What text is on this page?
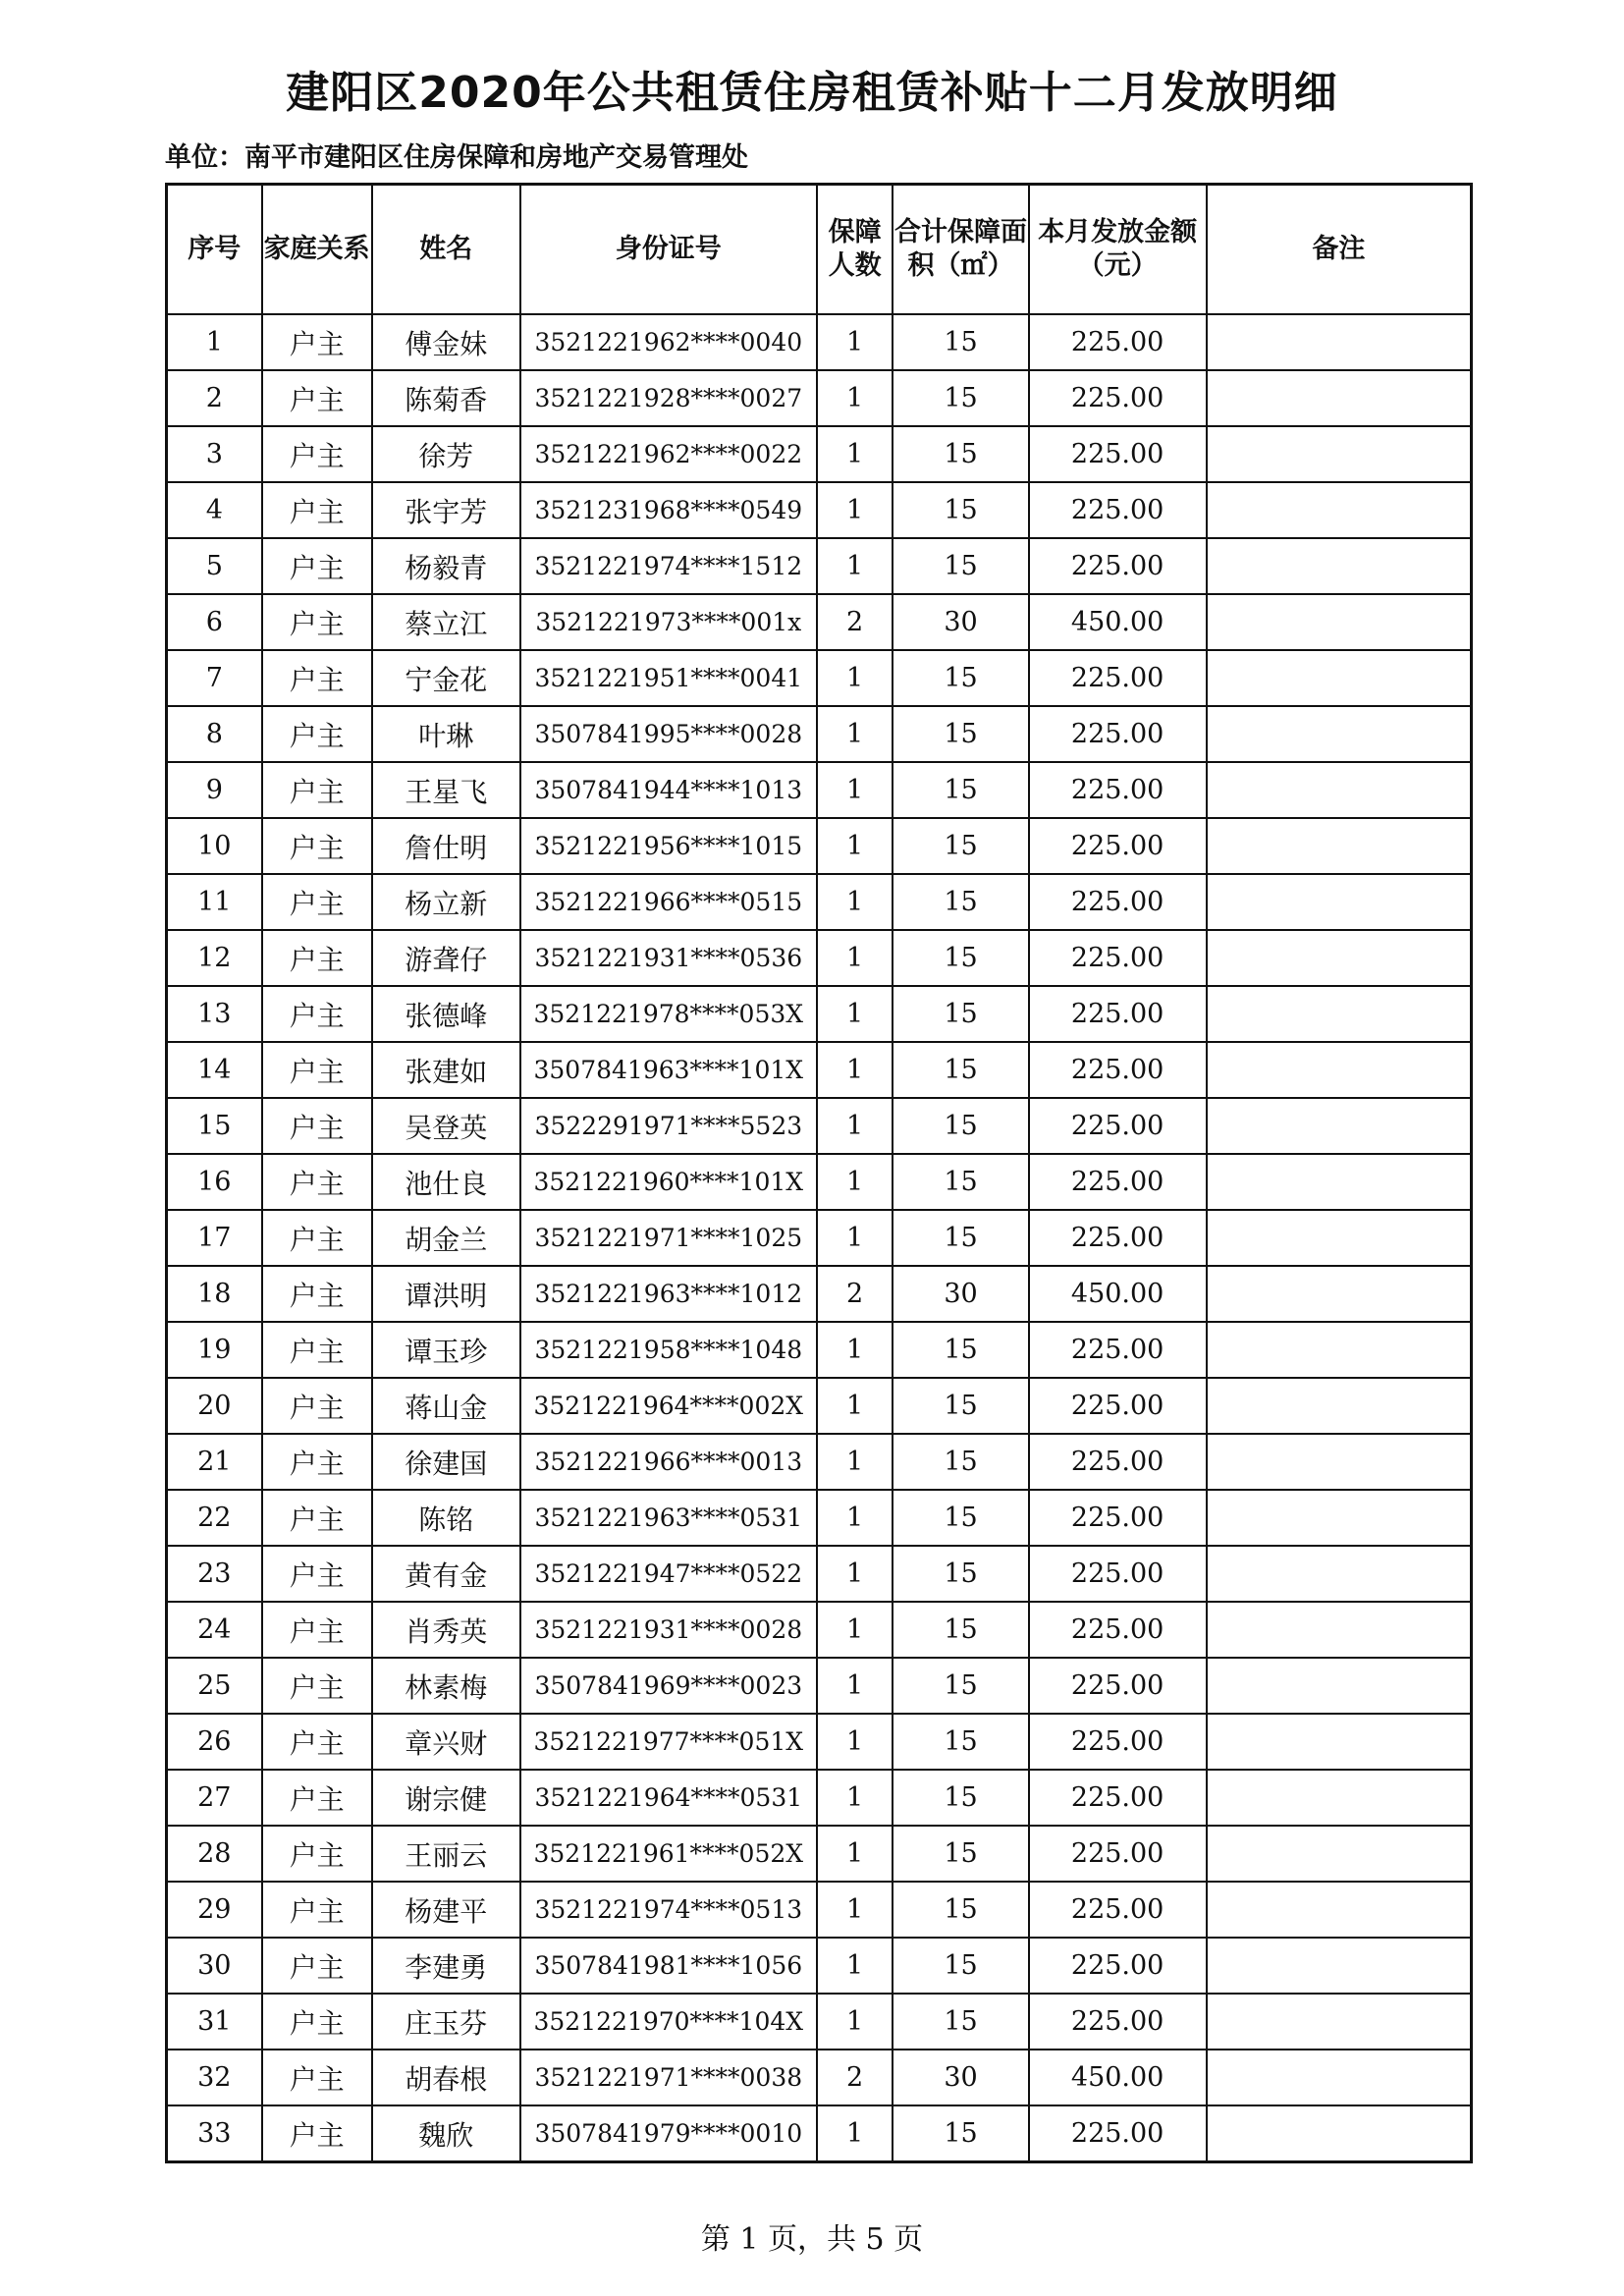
建阳区2020年公共租赁住房租赁补贴十二月发放明细
单位：南平市建阳区住房保障和房地产交易管理处
序号	家庭关系	姓名	身份证号	保障人数	合计保障面积（㎡）	本月发放金额（元）	备注
1	户主	傅金妹	3521221962****0040	1	15	225.00	
2	户主	陈菊香	3521221928****0027	1	15	225.00	
3	户主	徐芳	3521221962****0022	1	15	225.00	
4	户主	张宇芳	3521231968****0549	1	15	225.00	
5	户主	杨毅青	3521221974****1512	1	15	225.00	
6	户主	蔡立江	3521221973****001x	2	30	450.00	
7	户主	宁金花	3521221951****0041	1	15	225.00	
8	户主	叶琳	3507841995****0028	1	15	225.00	
9	户主	王星飞	3507841944****1013	1	15	225.00	
10	户主	詹仕明	3521221956****1015	1	15	225.00	
11	户主	杨立新	3521221966****0515	1	15	225.00	
12	户主	游聋仔	3521221931****0536	1	15	225.00	
13	户主	张德峰	3521221978****053X	1	15	225.00	
14	户主	张建如	3507841963****101X	1	15	225.00	
15	户主	吴登英	3522291971****5523	1	15	225.00	
16	户主	池仕良	3521221960****101X	1	15	225.00	
17	户主	胡金兰	3521221971****1025	1	15	225.00	
18	户主	谭洪明	3521221963****1012	2	30	450.00	
19	户主	谭玉珍	3521221958****1048	1	15	225.00	
20	户主	蒋山金	3521221964****002X	1	15	225.00	
21	户主	徐建国	3521221966****0013	1	15	225.00	
22	户主	陈铭	3521221963****0531	1	15	225.00	
23	户主	黄有金	3521221947****0522	1	15	225.00	
24	户主	肖秀英	3521221931****0028	1	15	225.00	
25	户主	林素梅	3507841969****0023	1	15	225.00	
26	户主	章兴财	3521221977****051X	1	15	225.00	
27	户主	谢宗健	3521221964****0531	1	15	225.00	
28	户主	王丽云	3521221961****052X	1	15	225.00	
29	户主	杨建平	3521221974****0513	1	15	225.00	
30	户主	李建勇	3507841981****1056	1	15	225.00	
31	户主	庄玉芬	3521221970****104X	1	15	225.00	
32	户主	胡春根	3521221971****0038	2	30	450.00	
33	户主	魏欣	3507841979****0010	1	15	225.00	
第 1 页，共 5 页
